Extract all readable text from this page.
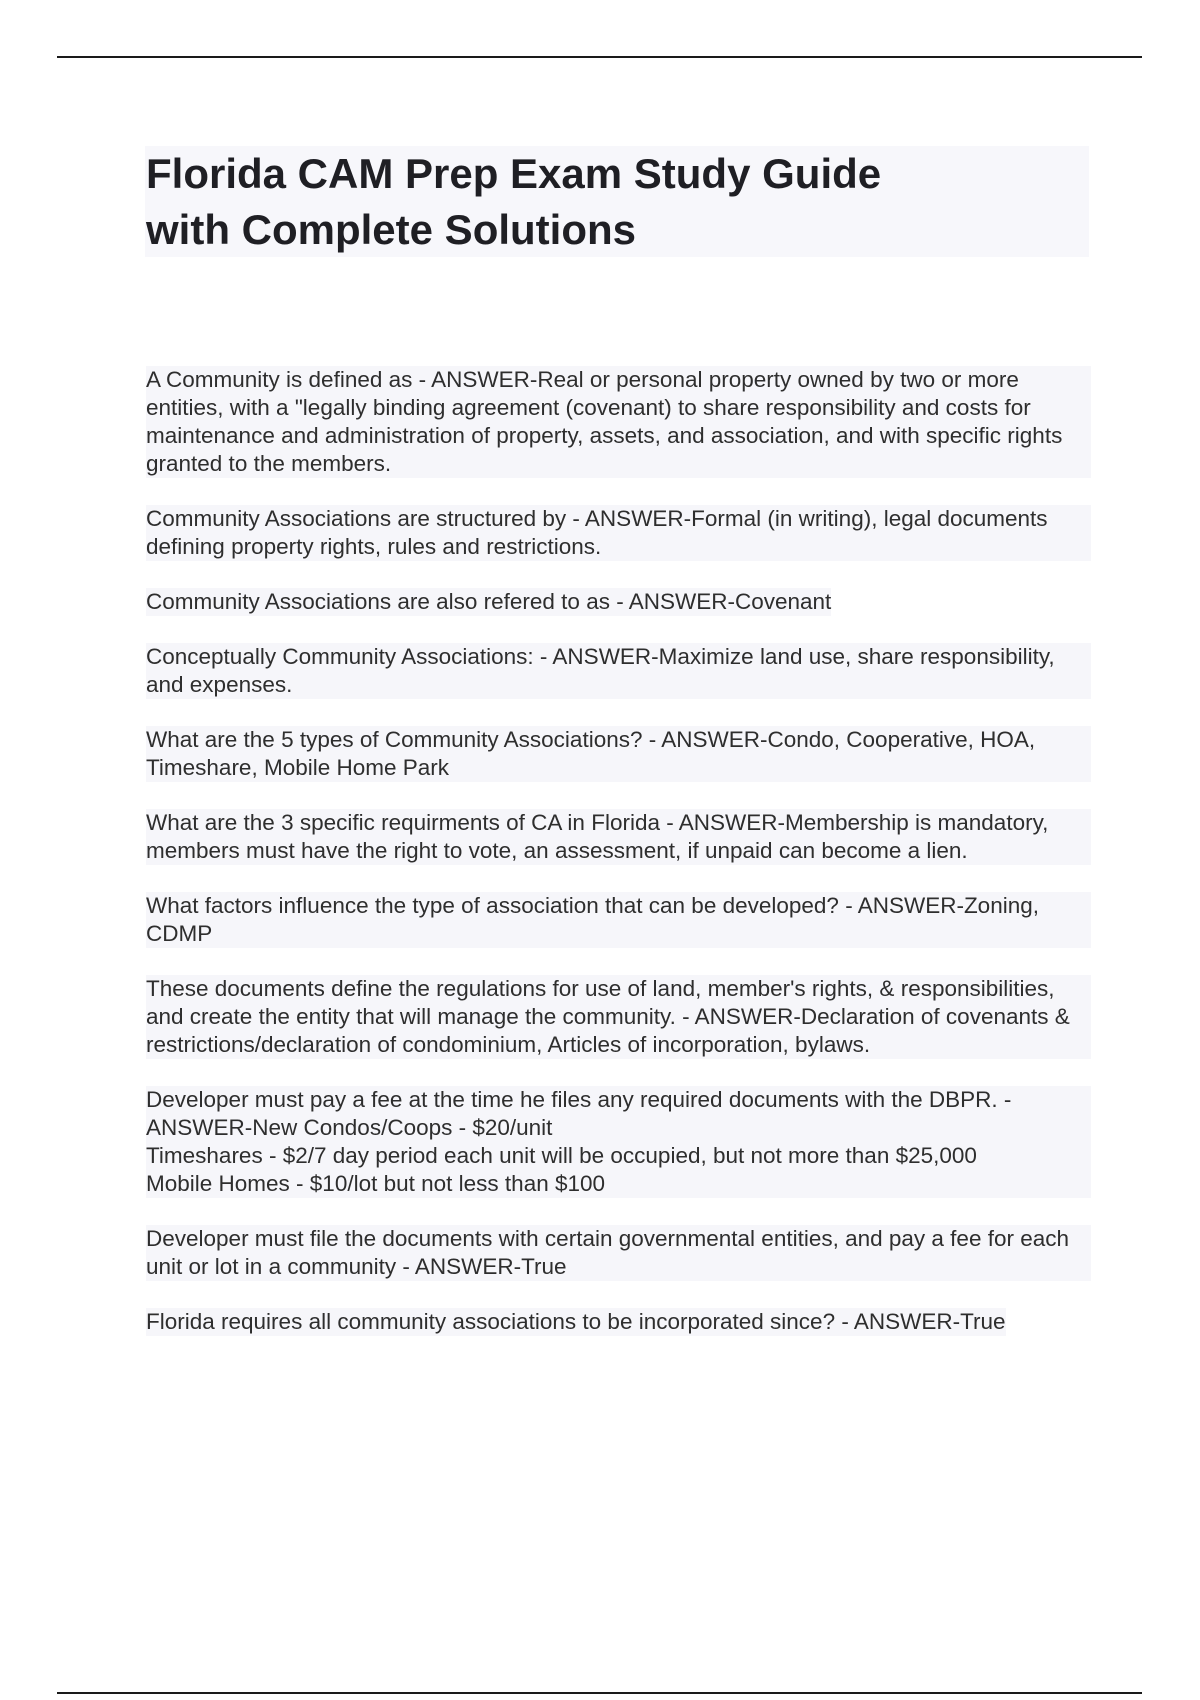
Florida CAM Prep Exam Study Guide
with Complete Solutions

A Community is defined as - ANSWER-Real or personal property owned by two or more entities, with a "legally binding agreement (covenant) to share responsibility and costs for maintenance and administration of property, assets, and association, and with specific rights granted to the members.

Community Associations are structured by - ANSWER-Formal (in writing), legal documents defining property rights, rules and restrictions.

Community Associations are also refered to as - ANSWER-Covenant

Conceptually Community Associations: - ANSWER-Maximize land use, share responsibility, and expenses.

What are the 5 types of Community Associations? - ANSWER-Condo, Cooperative, HOA, Timeshare, Mobile Home Park

What are the 3 specific requirments of CA in Florida - ANSWER-Membership is mandatory, members must have the right to vote, an assessment, if unpaid can become a lien.

What factors influence the type of association that can be developed? - ANSWER-Zoning, CDMP

These documents define the regulations for use of land, member's rights, & responsibilities, and create the entity that will manage the community. - ANSWER-Declaration of covenants & restrictions/declaration of condominium, Articles of incorporation, bylaws.

Developer must pay a fee at the time he files any required documents with the DBPR. - ANSWER-New Condos/Coops - $20/unit
Timeshares - $2/7 day period each unit will be occupied, but not more than $25,000
Mobile Homes - $10/lot but not less than $100

Developer must file the documents with certain governmental entities, and pay a fee for each unit or lot in a community - ANSWER-True

Florida requires all community associations to be incorporated since? - ANSWER-True
